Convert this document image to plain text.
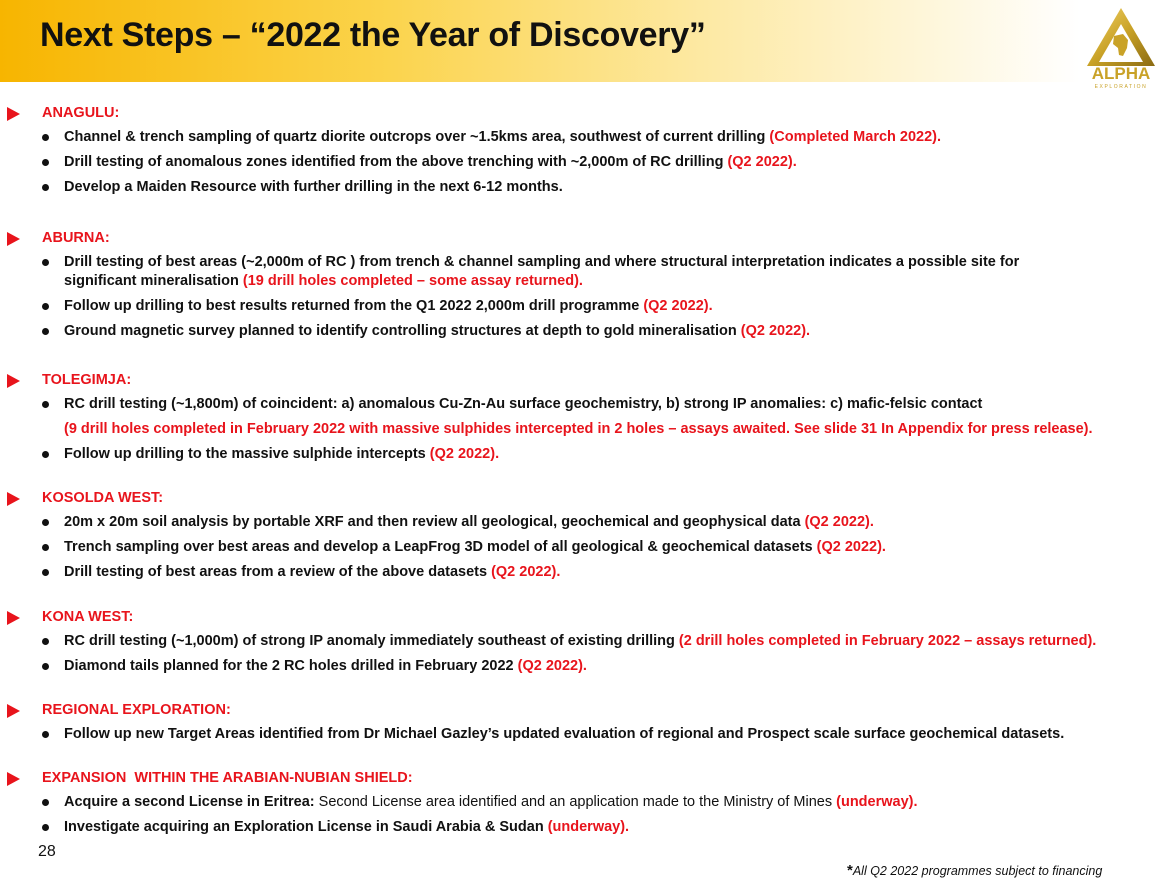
Next Steps – “2022 the Year of Discovery”
ALPHA
EXPLORATION
ANAGULU:
Channel & trench sampling of quartz diorite outcrops over ~1.5kms area, southwest of current drilling (Completed March 2022).
Drill testing of anomalous zones identified from the above trenching with ~2,000m of RC drilling (Q2 2022).
Develop a Maiden Resource with further drilling in the next 6-12 months.
ABURNA:
Drill testing of best areas (~2,000m of RC ) from trench & channel sampling and where structural interpretation indicates a possible site for significant mineralisation (19 drill holes completed – some assay returned).
Follow up drilling to best results returned from the Q1 2022 2,000m drill programme (Q2 2022).
Ground magnetic survey planned to identify controlling structures at depth to gold mineralisation (Q2 2022).
TOLEGIMJA:
RC drill testing (~1,800m) of coincident: a) anomalous Cu-Zn-Au surface geochemistry, b) strong IP anomalies: c) mafic-felsic contact
(9 drill holes completed in February 2022 with massive sulphides intercepted in 2 holes – assays awaited. See slide 31 In Appendix for press release).
Follow up drilling to the massive sulphide intercepts (Q2 2022).
KOSOLDA WEST:
20m x 20m soil analysis by portable XRF and then review all geological, geochemical and geophysical data (Q2 2022).
Trench sampling over best areas and develop a LeapFrog 3D model of all geological & geochemical datasets (Q2 2022).
Drill testing of best areas from a review of the above datasets (Q2 2022).
KONA WEST:
RC drill testing (~1,000m) of strong IP anomaly immediately southeast of existing drilling (2 drill holes completed in February 2022 – assays returned).
Diamond tails planned for the 2 RC holes drilled in February 2022 (Q2 2022).
REGIONAL EXPLORATION:
Follow up new Target Areas identified from Dr Michael Gazley’s updated evaluation of regional and Prospect scale surface geochemical datasets.
EXPANSION  WITHIN THE ARABIAN-NUBIAN SHIELD:
Acquire a second License in Eritrea: Second License area identified and an application made to the Ministry of Mines (underway).
Investigate acquiring an Exploration License in Saudi Arabia & Sudan (underway).
28
*All Q2 2022 programmes subject to financing
